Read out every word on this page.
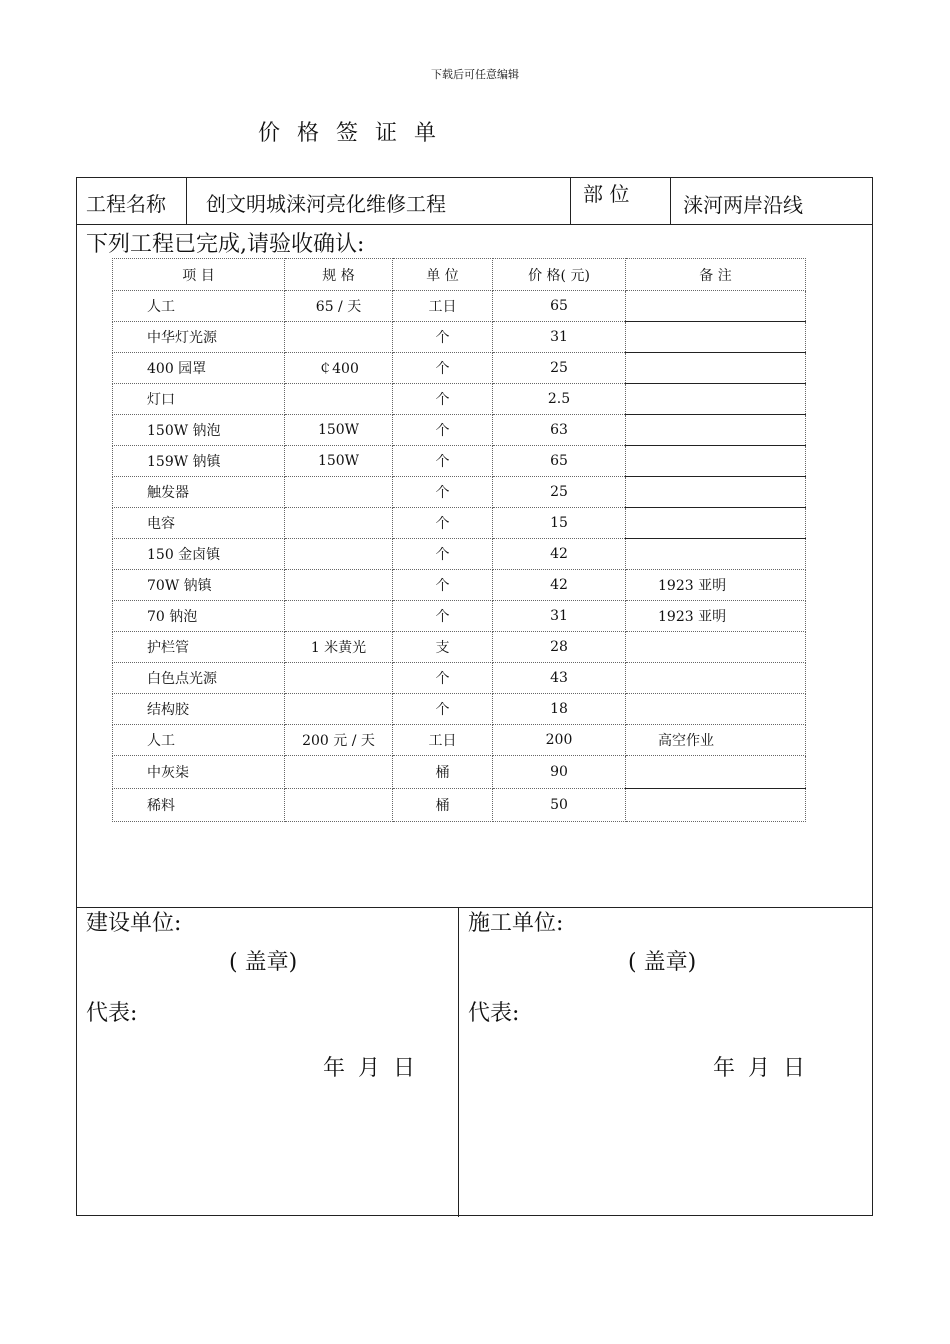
下载后可任意编辑
价 格 签 证 单
工程名称 创文明城涞河亮化维修工程	部 位	涞河两岸沿线
下列工程已完成,请验收确认:
建设单位:
( 盖章)
代表:
年 月 日
施工单位:
( 盖章)
代表:
年 月 日
项 目	规 格	单 位	价 格( 元)	备 注
人工	65 / 天	工日	65	
中华灯光源		个	31	
400 园罩	￠400	个	25	
灯口		个	2.5	
150W 钠泡	150W	个	63	
159W 钠镇	150W	个	65	
触发器		个	25	
电容		个	15	
150 金卤镇		个	42	
70W 钠镇		个	42	1923 亚明
70 钠泡		个	31	1923 亚明
护栏管	1 米黄光	支	28	
白色点光源		个	43	
结构胶		个	18	
人工	200 元 / 天	工日	200	高空作业
中灰柒		桶	90	
稀料		桶	50	
